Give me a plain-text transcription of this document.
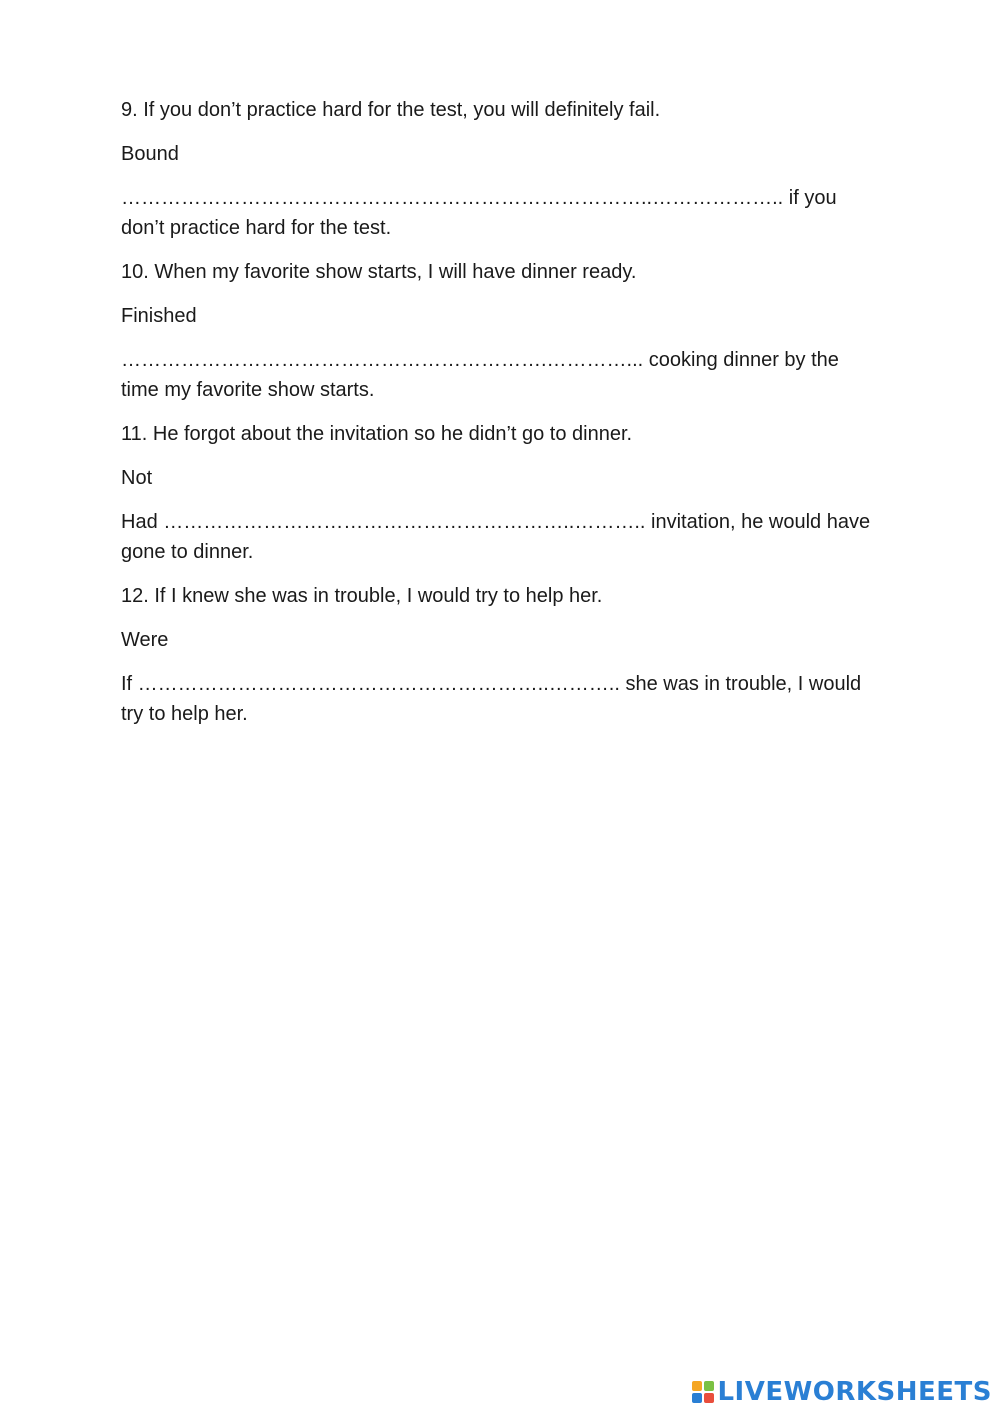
9. If you don’t practice hard for the test, you will definitely fail.

Bound

……………………………………………………………………..……………….. if you don’t practice hard for the test.

10. When my favorite show starts, I will have dinner ready.

Finished

……………………………………………………….…………... cooking dinner by the time my favorite show starts.

11. He forgot about the invitation so he didn’t go to dinner.

Not

Had ……………………………………………………..……….. invitation, he would have gone to dinner.

12. If I knew she was in trouble, I would try to help her.

Were

If ……………………………………………………..……….. she was in trouble, I would try to help her.

LIVEWORKSHEETS
